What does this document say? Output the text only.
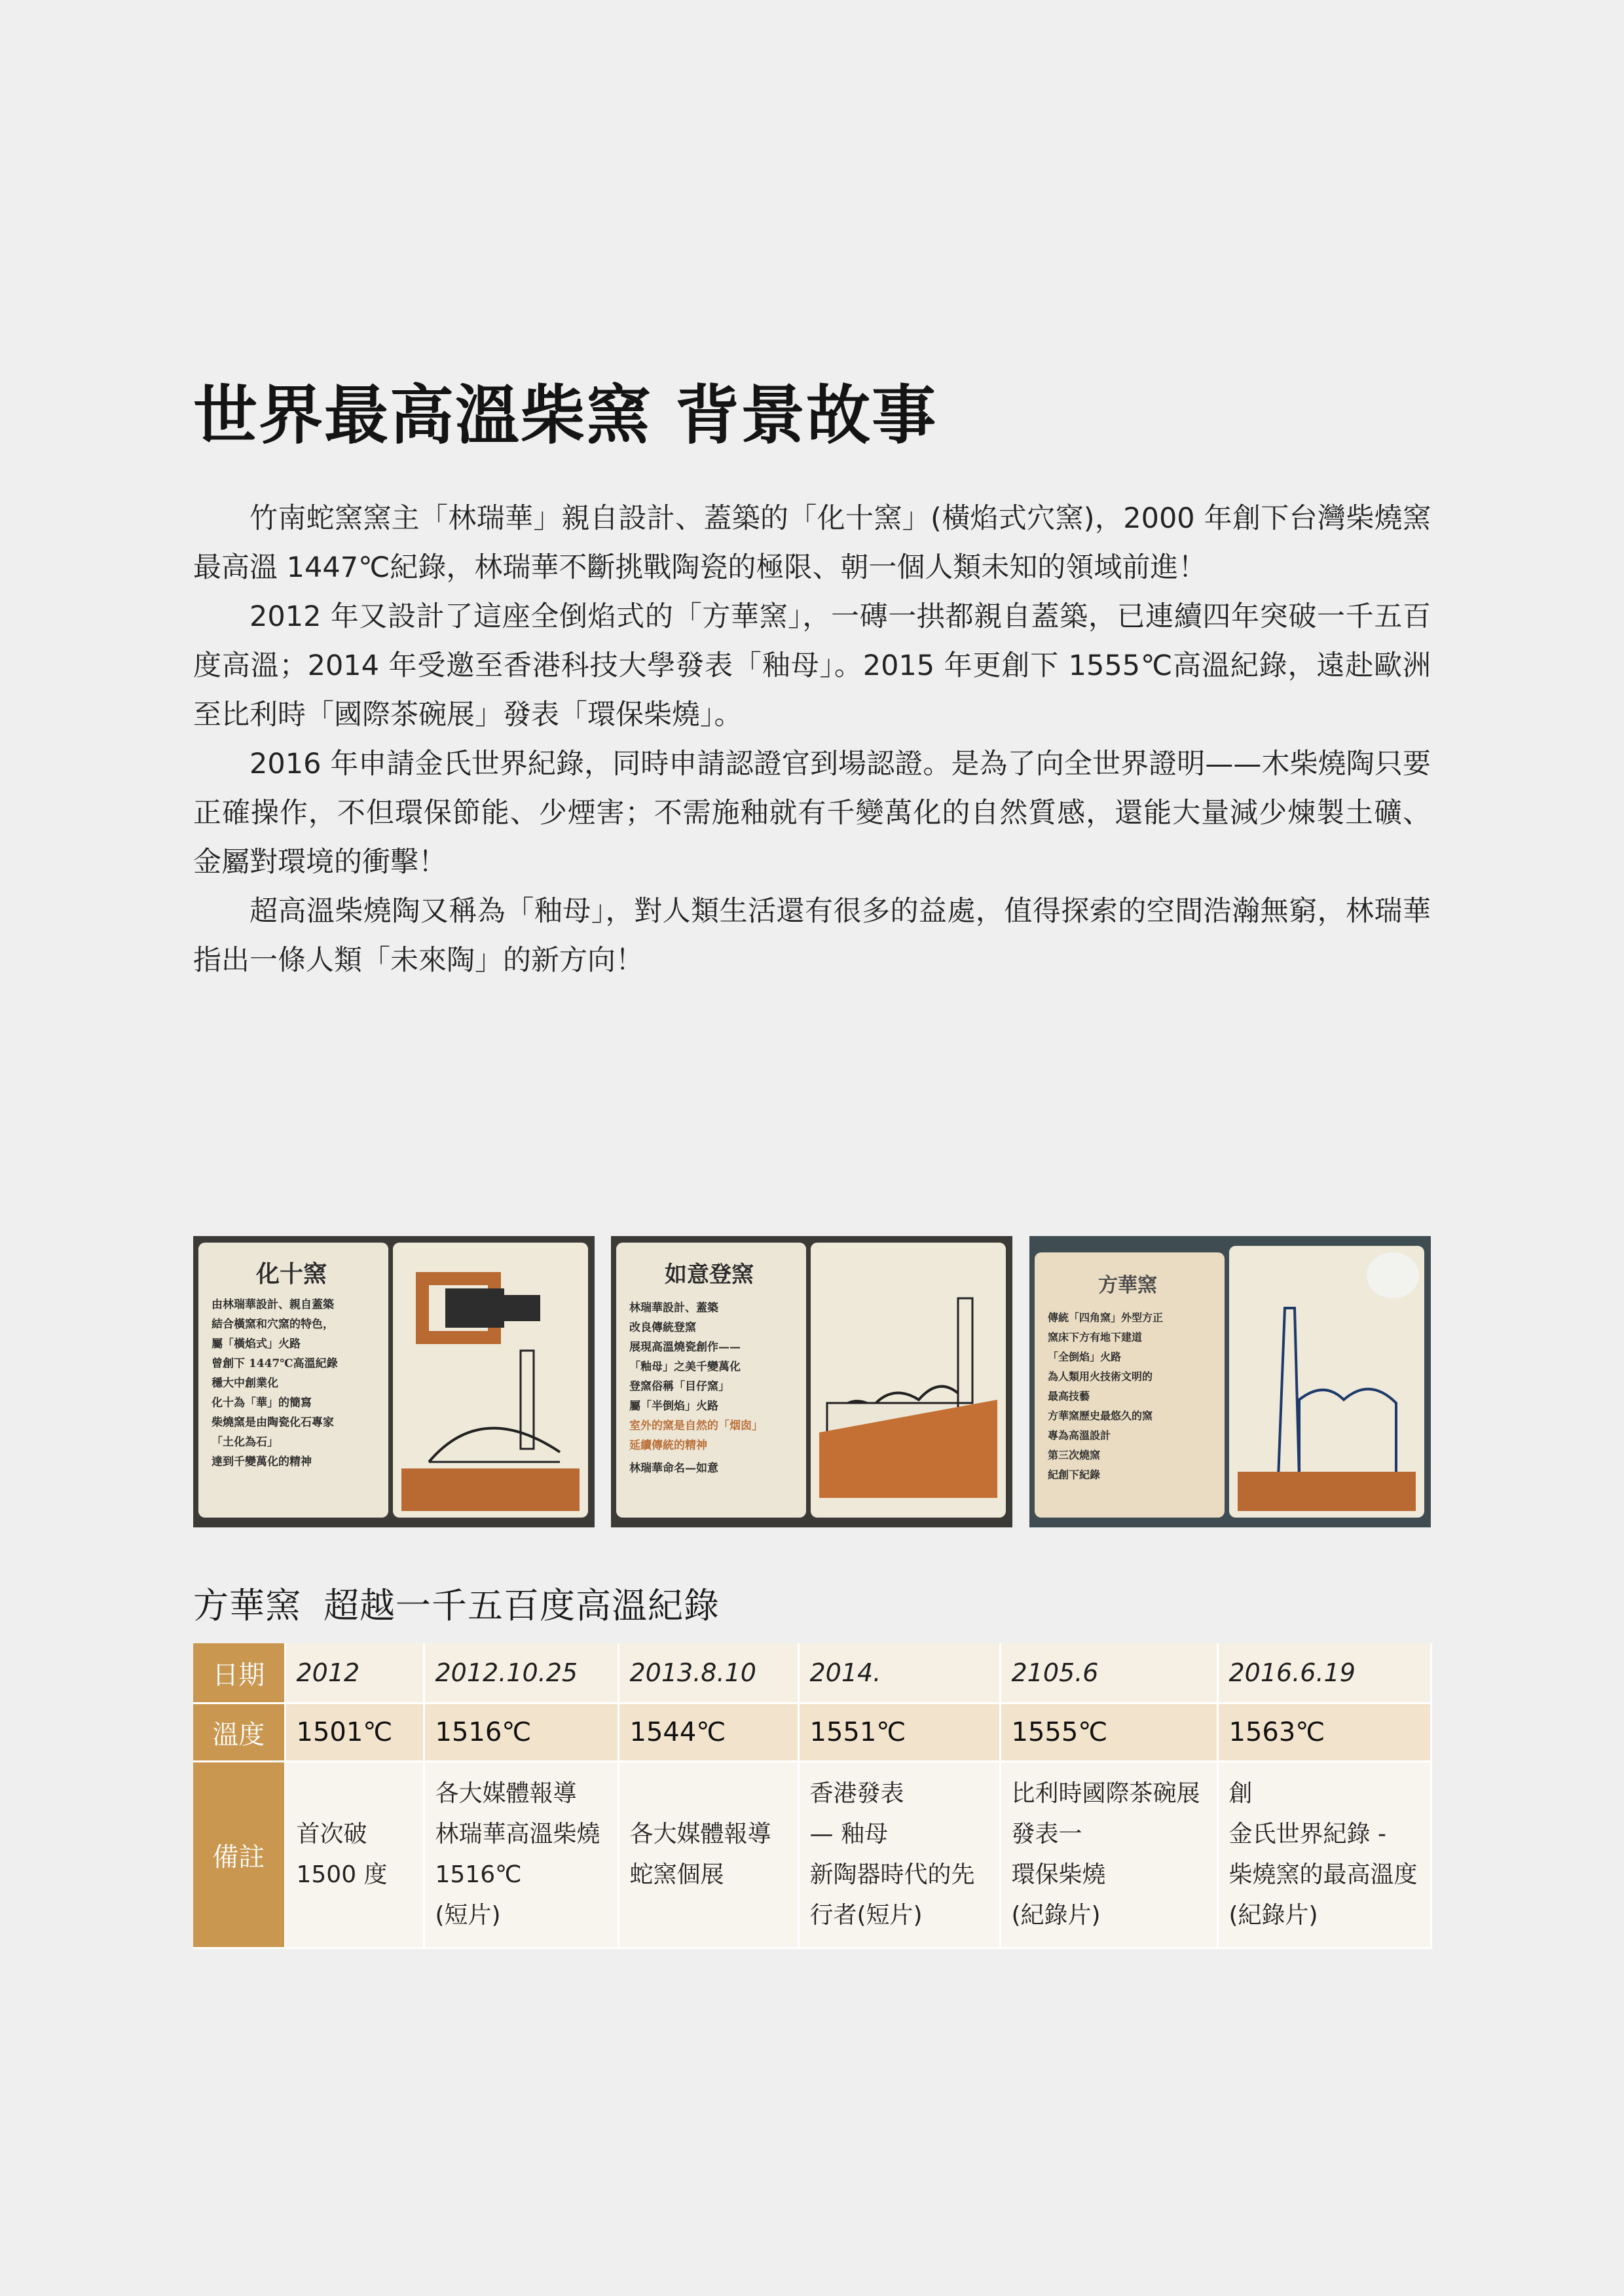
世界最高溫柴窯 背景故事

竹南蛇窯窯主「林瑞華」親自設計、蓋築的「化十窯」(橫焰式穴窯)，2000 年創下台灣柴燒窯最高溫 1447℃紀錄，林瑞華不斷挑戰陶瓷的極限、朝一個人類未知的領域前進！

2012 年又設計了這座全倒焰式的「方華窯」，一磚一拱都親自蓋築，已連續四年突破一千五百度高溫；2014 年受邀至香港科技大學發表「釉母」。2015 年更創下 1555℃高溫紀錄，遠赴歐洲至比利時「國際茶碗展」發表「環保柴燒」。

2016 年申請金氏世界紀錄，同時申請認證官到場認證。是為了向全世界證明——木柴燒陶只要正確操作，不但環保節能、少煙害；不需施釉就有千變萬化的自然質感，還能大量減少煉製土礦、金屬對環境的衝擊！

超高溫柴燒陶又稱為「釉母」，對人類生活還有很多的益處，值得探索的空間浩瀚無窮，林瑞華指出一條人類「未來陶」的新方向！

化十窯
由林瑞華設計、親自蓋築
結合橫窯和穴窯的特色，
屬「橫焰式」火路
曾創下 1447℃高溫紀錄
穩大中創業化
化十為「華」的簡寫
柴燒窯是由陶瓷化石專家
「土化為石」
達到千變萬化的精神
如意登窯
林瑞華設計、蓋築
改良傳統登窯
展現高溫燒瓷創作——
「釉母」之美千變萬化
登窯俗稱「目仔窯」
屬「半倒焰」火路
室外的窯是自然的「烟囱」
延續傳統的精神
林瑞華命名—如意
方華窯
傳統「四角窯」外型方正
窯床下方有地下建道
「全倒焰」火路
為人類用火技術文明的
最高技藝
方華窯歷史最悠久的窯
專為高溫設計
第三次燒窯
紀創下紀錄
方華窯 超越一千五百度高溫紀錄
日期	2012	2012.10.25	2013.8.10	2014.	2105.6	2016.6.19
溫度	1501℃	1516℃	1544℃	1551℃	1555℃	1563℃
備註	首次破
1500 度	各大媒體報導
林瑞華高溫柴燒
1516℃
(短片)	各大媒體報導
蛇窯個展	香港發表
— 釉母
新陶器時代的先
行者(短片)	比利時國際茶碗展
發表一
環保柴燒
(紀錄片)	創
金氏世界紀錄 -
柴燒窯的最高溫度
(紀錄片)
